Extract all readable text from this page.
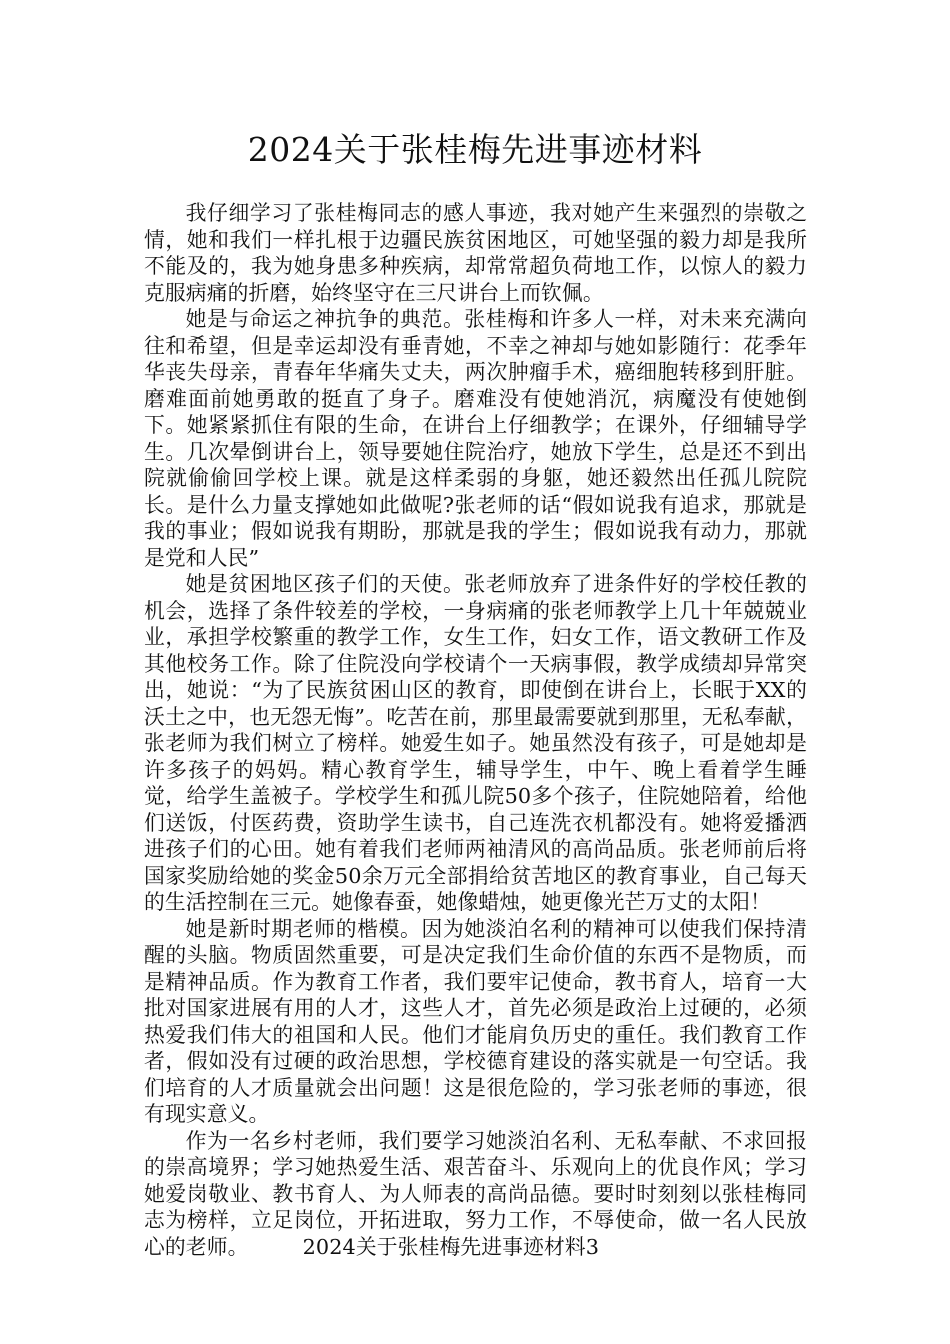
2024关于张桂梅先进事迹材料

我仔细学习了张桂梅同志的感人事迹，我对她产生来强烈的崇敬之情，她和我们一样扎根于边疆民族贫困地区，可她坚强的毅力却是我所不能及的，我为她身患多种疾病，却常常超负荷地工作，以惊人的毅力克服病痛的折磨，始终坚守在三尺讲台上而钦佩。

她是与命运之神抗争的典范。张桂梅和许多人一样，对未来充满向往和希望，但是幸运却没有垂青她，不幸之神却与她如影随行：花季年华丧失母亲，青春年华痛失丈夫，两次肿瘤手术，癌细胞转移到肝脏。磨难面前她勇敢的挺直了身子。磨难没有使她消沉，病魔没有使她倒下。她紧紧抓住有限的生命，在讲台上仔细教学；在课外，仔细辅导学生。几次晕倒讲台上，领导要她住院治疗，她放下学生，总是还不到出院就偷偷回学校上课。就是这样柔弱的身躯，她还毅然出任孤儿院院长。是什么力量支撑她如此做呢?张老师的话“假如说我有追求，那就是我的事业；假如说我有期盼，那就是我的学生；假如说我有动力，那就是党和人民”

她是贫困地区孩子们的天使。张老师放弃了进条件好的学校任教的机会，选择了条件较差的学校，一身病痛的张老师教学上几十年兢兢业业，承担学校繁重的教学工作，女生工作，妇女工作，语文教研工作及其他校务工作。除了住院没向学校请个一天病事假，教学成绩却异常突出，她说：“为了民族贫困山区的教育，即使倒在讲台上，长眠于XX的沃土之中，也无怨无悔”。吃苦在前，那里最需要就到那里，无私奉献，张老师为我们树立了榜样。她爱生如子。她虽然没有孩子，可是她却是许多孩子的妈妈。精心教育学生，辅导学生，中午、晚上看着学生睡觉，给学生盖被子。学校学生和孤儿院50多个孩子，住院她陪着，给他们送饭，付医药费，资助学生读书，自己连洗衣机都没有。她将爱播洒进孩子们的心田。她有着我们老师两袖清风的高尚品质。张老师前后将国家奖励给她的奖金50余万元全部捐给贫苦地区的教育事业，自己每天的生活控制在三元。她像春蚕，她像蜡烛，她更像光芒万丈的太阳！

她是新时期老师的楷模。因为她淡泊名利的精神可以使我们保持清醒的头脑。物质固然重要，可是决定我们生命价值的东西不是物质，而是精神品质。作为教育工作者，我们要牢记使命，教书育人，培育一大批对国家进展有用的人才，这些人才，首先必须是政治上过硬的，必须热爱我们伟大的祖国和人民。他们才能肩负历史的重任。我们教育工作者，假如没有过硬的政治思想，学校德育建设的落实就是一句空话。我们培育的人才质量就会出问题！这是很危险的，学习张老师的事迹，很有现实意义。

作为一名乡村老师，我们要学习她淡泊名利、无私奉献、不求回报的崇高境界；学习她热爱生活、艰苦奋斗、乐观向上的优良作风；学习她爱岗敬业、教书育人、为人师表的高尚品德。要时时刻刻以张桂梅同志为榜样，立足岗位，开拓进取，努力工作，不辱使命，做一名人民放心的老师。	2024关于张桂梅先进事迹材料3
